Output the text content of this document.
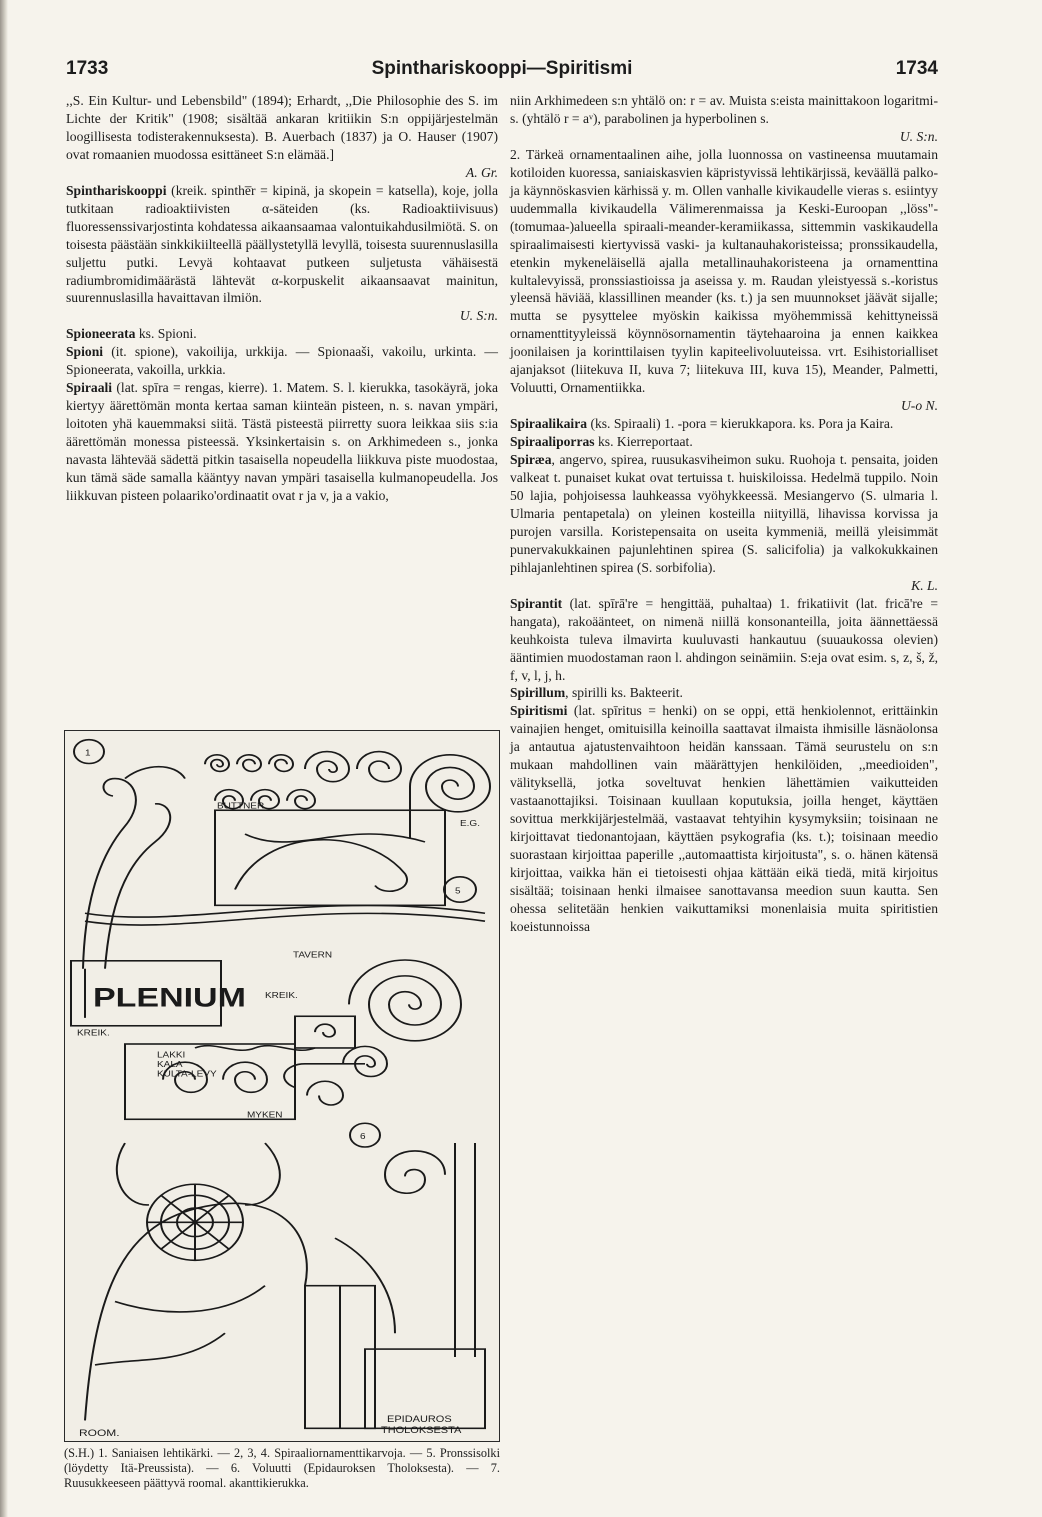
1733	Spinthariskooppi—Spiritismi	1734

,,S. Ein Kultur- und Lebensbild" (1894); Erhardt, ,,Die Philosophie des S. im Lichte der Kritik" (1908; sisältää ankaran kritiikin S:n oppijärjestelmän loogillisesta todisterakennuksesta). B. Auerbach (1837) ja O. Hauser (1907) ovat romaanien muodossa esittäneet S:n elämää.]

A. Gr.

Spinthariskooppi (kreik. spinthe̅r = kipinä, ja skopein = katsella), koje, jolla tutkitaan radioaktiivisten α-säteiden (ks. Radioaktiivisuus) fluoressenssivarjostinta kohdatessa aikaansaamaa valontuikahdusilmiötä. S. on toisesta päästään sinkkikiilteellä päällystetyllä levyllä, toisesta suurennuslasilla suljettu putki. Levyä kohtaavat putkeen suljetusta vähäisestä radiumbromidimäärästä lähtevät α-korpuskelit aikaansaavat mainitun, suurennuslasilla havaittavan ilmiön.

U. S:n.

Spioneerata ks. Spioni.

Spioni (it. spione), vakoilija, urkkija. — Spionaaši, vakoilu, urkinta. — Spioneerata, vakoilla, urkkia.

Spiraali (lat. spīra = rengas, kierre). 1. Matem. S. l. kierukka, tasokäyrä, joka kiertyy äärettömän monta kertaa saman kiinteän pisteen, n. s. navan ympäri, loitoten yhä kauemmaksi siitä. Tästä pisteestä piirretty suora leikkaa siis s:ia äärettömän monessa pisteessä. Yksinkertaisin s. on Arkhimedeen s., jonka navasta lähtevää sädettä pitkin tasaisella nopeudella liikkuva piste muodostaa, kun tämä säde samalla kääntyy navan ympäri tasaisella kulmanopeudella. Jos liikkuvan pisteen polaariko'ordinaatit ovat r ja v, ja a vakio,

1
5
6
BUTTNER
E.G.
PLENIUM
TAVERN
KREIK.
LAKKI
KALA
KULTA-LEVY
MYKEN
KREIK.
ROOM.
EPIDAUROS
THOLOKSESTA

niin Arkhimedeen s:n yhtälö on: r = av. Muista s:eista mainittakoon logaritmi-s. (yhtälö r = aᵛ), parabolinen ja hyperbolinen s.

U. S:n.

2. Tärkeä ornamentaalinen aihe, jolla luonnossa on vastineensa muutamain kotiloiden kuoressa, saniaiskasvien käpristyvissä lehtikärjissä, keväällä palko- ja käynnöskasvien kärhissä y. m. Ollen vanhalle kivikaudelle vieras s. esiintyy uudemmalla kivikaudella Välimerenmaissa ja Keski-Euroopan ,,löss"-(tomumaa-)alueella spiraali-meander-keramiikassa, sittemmin vaskikaudella spiraalimaisesti kiertyvissä vaski- ja kultanauhakoristeissa; pronssikaudella, etenkin mykeneläisellä ajalla metallinauhakoristeena ja ornamenttina kultalevyissä, pronssiastioissa ja aseissa y. m. Raudan yleistyessä s.-koristus yleensä häviää, klassillinen meander (ks. t.) ja sen muunnokset jäävät sijalle; mutta se pysyttelee myöskin kaikissa myöhemmissä kehittyneissä ornamenttityyleissä köynnösornamentin täytehaaroina ja ennen kaikkea joonilaisen ja korinttilaisen tyylin kapiteelivoluuteissa. vrt. Esihistorialliset ajanjaksot (liitekuva II, kuva 7; liitekuva III, kuva 15), Meander, Palmetti, Voluutti, Ornamentiikka.

U-o N.

Spiraalikaira (ks. Spiraali) 1. -pora = kierukkapora. ks. Pora ja Kaira.

Spiraaliporras ks. Kierreportaat.

Spiræa, angervo, spirea, ruusukasviheimon suku. Ruohoja t. pensaita, joiden valkeat t. punaiset kukat ovat tertuissa t. huiskiloissa. Hedelmä tuppilo. Noin 50 lajia, pohjoisessa lauhkeassa vyöhykkeessä. Mesiangervo (S. ulmaria l. Ulmaria pentapetala) on yleinen kosteilla niityillä, lihavissa korvissa ja purojen varsilla. Koristepensaita on useita kymmeniä, meillä yleisimmät punervakukkainen pajunlehtinen spirea (S. salicifolia) ja valkokukkainen pihlajanlehtinen spirea (S. sorbifolia).

K. L.

Spirantit (lat. spīrā're = hengittää, puhaltaa) 1. frikatiivit (lat. fricā're = hangata), rakoäänteet, on nimenä niillä konsonanteilla, joita äännettäessä keuhkoista tuleva ilmavirta kuuluvasti hankautuu (suuaukossa olevien) ääntimien muodostaman raon l. ahdingon seinämiin. S:eja ovat esim. s, z, š, ž, f, v, l, j, h.

Spirillum, spirilli ks. Bakteerit.

Spiritismi (lat. spīritus = henki) on se oppi, että henkiolennot, erittäinkin vainajien henget, omituisilla keinoilla saattavat ilmaista ihmisille läsnäolonsa ja antautua ajatustenvaihtoon heidän kanssaan. Tämä seurustelu on s:n mukaan mahdollinen vain määrättyjen henkilöiden, ,,meedioiden", välityksellä, jotka soveltuvat henkien lähettämien vaikutteiden vastaanottajiksi. Toisinaan kuullaan koputuksia, joilla henget, käyttäen sovittua merkkijärjestelmää, vastaavat tehtyihin kysymyksiin; toisinaan ne kirjoittavat tiedonantojaan, käyttäen psykografia (ks. t.); toisinaan meedio suorastaan kirjoittaa paperille ,,automaattista kirjoitusta", s. o. hänen kätensä kirjoittaa, vaikka hän ei tietoisesti ohjaa kättään eikä tiedä, mitä kirjoitus sisältää; toisinaan henki ilmaisee sanottavansa meedion suun kautta. Sen ohessa selitetään henkien vaikuttamiksi monenlaisia muita spiritistien koeistunnoissa

(S.H.) 1. Saniaisen lehtikärki. — 2, 3, 4. Spiraaliornamenttikarvoja. — 5. Pronssisolki (löydetty Itä-Preussista). — 6. Voluutti (Epidauroksen Tholoksesta). — 7. Ruusukkeeseen päättyvä roomal. akanttikierukka.
